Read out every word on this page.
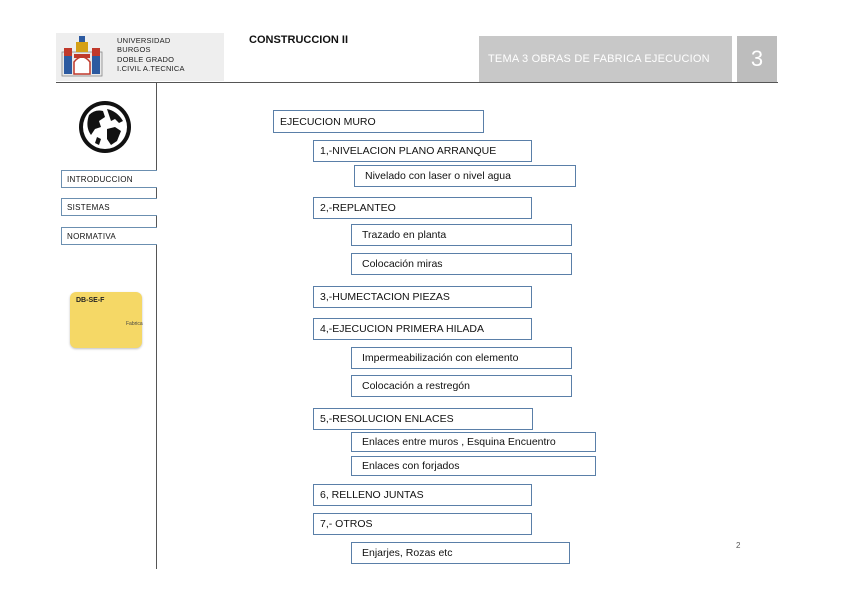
UNIVERSIDAD
BURGOS
DOBLE GRADO
I.CIVIL A.TECNICA
CONSTRUCCION II
TEMA 3 OBRAS DE FABRICA EJECUCION	3
INTRODUCCION
SISTEMAS
NORMATIVA
DB-SE-F
Fabrica
EJECUCION MURO
1,-NIVELACION PLANO ARRANQUE
Nivelado con laser o nivel agua
2,-REPLANTEO
Trazado en planta
Colocación miras
3,-HUMECTACION PIEZAS
4,-EJECUCION PRIMERA HILADA
Impermeabilización con elemento
Colocación a restregón
5,-RESOLUCION ENLACES
Enlaces entre muros , Esquina Encuentro
Enlaces con forjados
6, RELLENO JUNTAS
7,- OTROS
Enjarjes, Rozas etc
2
